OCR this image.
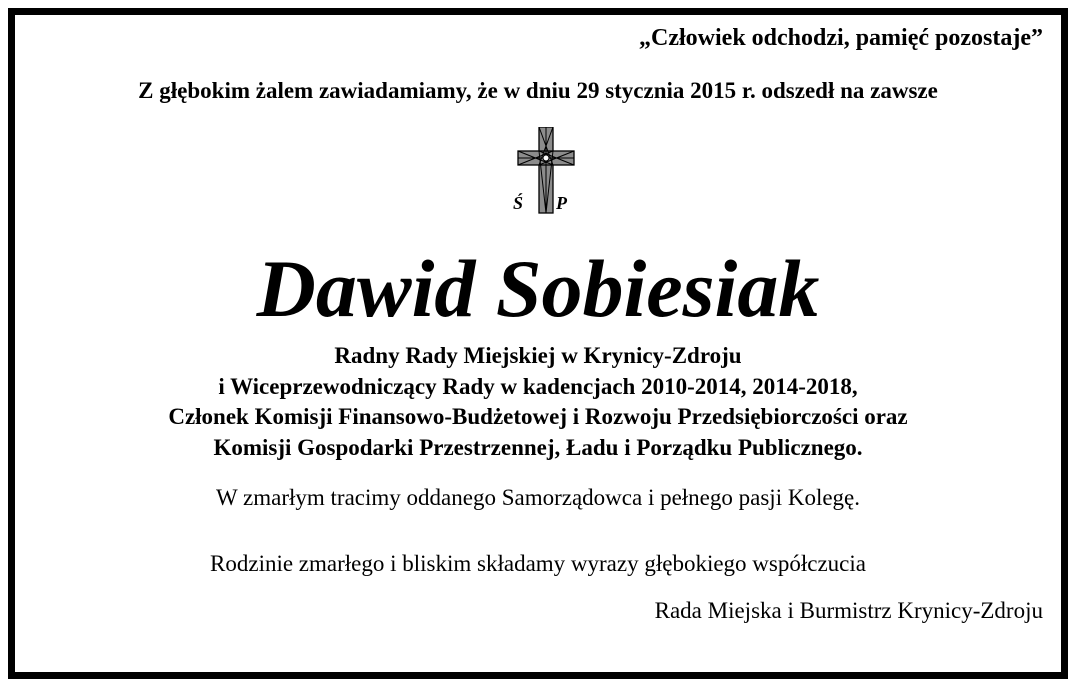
„Człowiek odchodzi, pamięć pozostaje”
Z głębokim żalem zawiadamiamy, że w dniu 29 stycznia 2015 r. odszedł na zawsze
Ś P
Dawid Sobiesiak
Radny Rady Miejskiej w Krynicy-Zdroju
i Wiceprzewodniczący Rady w kadencjach 2010-2014, 2014-2018,
Członek Komisji Finansowo-Budżetowej i Rozwoju Przedsiębiorczości oraz
Komisji Gospodarki Przestrzennej, Ładu i Porządku Publicznego.
W zmarłym tracimy oddanego Samorządowca i pełnego pasji Kolegę.
Rodzinie zmarłego i bliskim składamy wyrazy głębokiego współczucia
Rada Miejska i Burmistrz Krynicy-Zdroju
